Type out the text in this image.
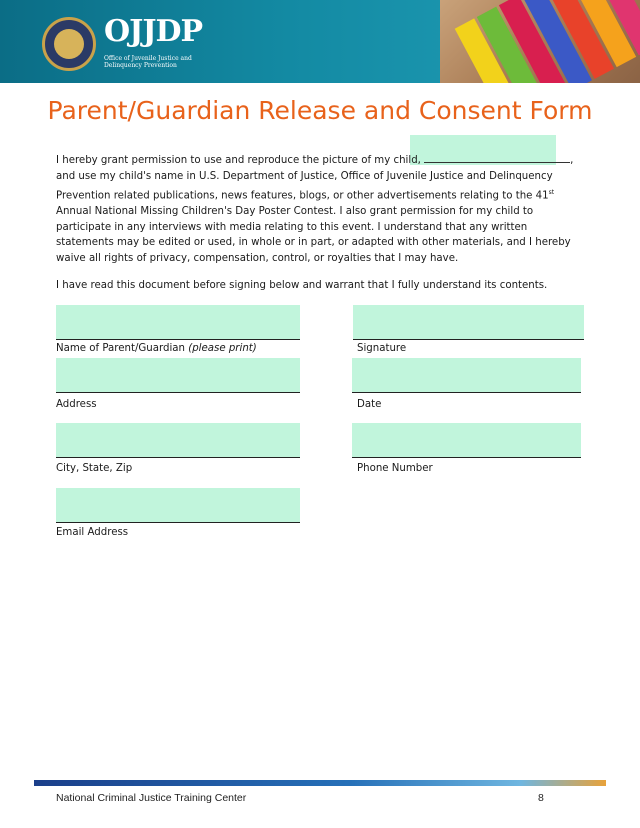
OJJDP
Office of Juvenile Justice and Delinquency Prevention
Parent/Guardian Release and Consent Form
I hereby grant permission to use and reproduce the picture of my child,	, and use my child's name in U.S. Department of Justice, Office of Juvenile Justice and Delinquency Prevention related publications, news features, blogs, or other advertisements relating to the 41st Annual National Missing Children's Day Poster Contest. I also grant permission for my child to participate in any interviews with media relating to this event. I understand that any written statements may be edited or used, in whole or in part, or adapted with other materials, and I hereby waive all rights of privacy, compensation, control, or royalties that I may have.
I have read this document before signing below and warrant that I fully understand its contents.
Name of Parent/Guardian (please print)	Signature
Address	Date
City, State, Zip	Phone Number
Email Address
National Criminal Justice Training Center	8
